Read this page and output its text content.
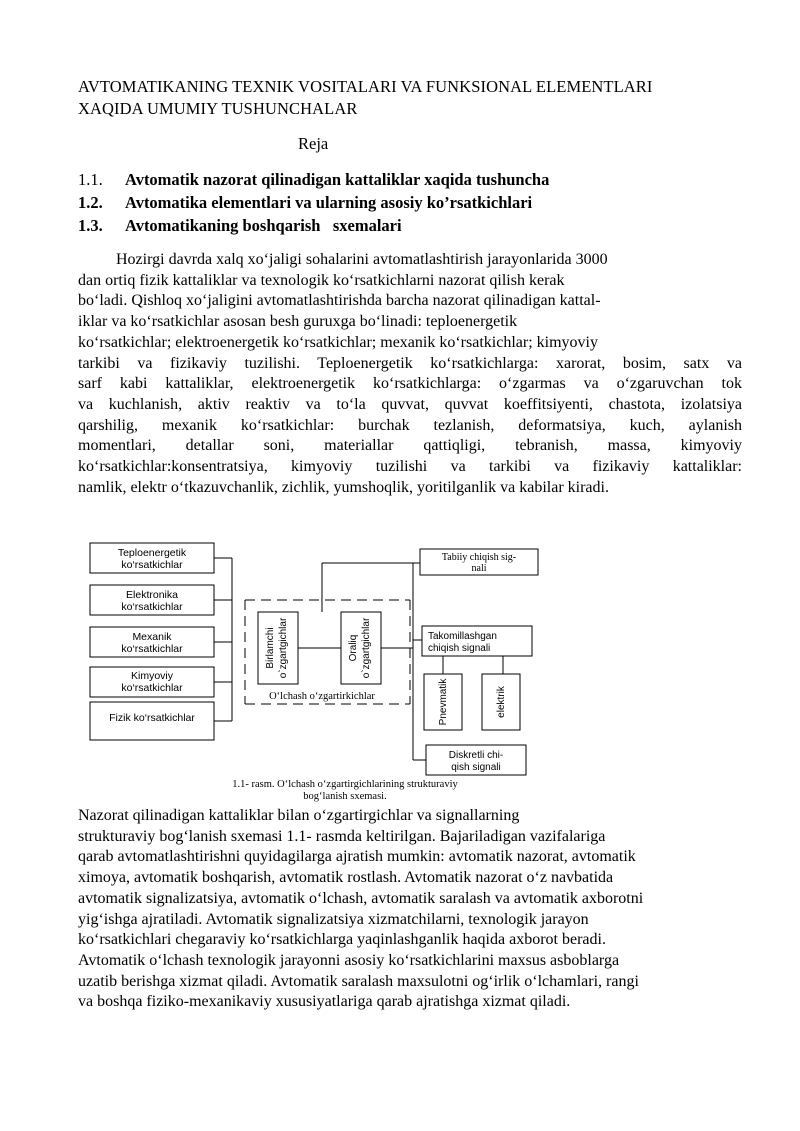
AVTOMATIKANING TEXNIK VOSITALARI VA FUNKSIONAL ELEMENTLARI
XAQIDA UMUMIY TUSHUNCHALAR
Reja
1.1. Avtomatik nazorat qilinadigan kattaliklar xaqida tushuncha
1.2. Avtomatika elementlari va ularning asosiy ko’rsatkichlari
1.3. Avtomatikaning boshqarish   sxemalari
Hozirgi davrda xalq xo‘jaligi sohalarini avtomatlashtirish jarayonlarida 3000
dan ortiq fizik kattaliklar va texnologik ko‘rsatkichlarni nazorat qilish kerak
bo‘ladi. Qishloq xo‘jaligini avtomatlashtirishda barcha nazorat qilinadigan kattal-
iklar va ko‘rsatkichlar asosan besh guruxga bo‘linadi: teploenergetik
ko‘rsatkichlar; elektroenergetik ko‘rsatkichlar; mexanik ko‘rsatkichlar; kimyoviy
tarkibi va fizikaviy tuzilishi. Teploenergetik ko‘rsatkichlarga: xarorat, bosim, satx va
sarf kabi kattaliklar, elektroenergetik ko‘rsatkichlarga: o‘zgarmas va o‘zgaruvchan tok
va kuchlanish, aktiv reaktiv va to‘la quvvat, quvvat koeffitsiyenti, chastota, izolatsiya
qarshilig, mexanik ko‘rsatkichlar: burchak tezlanish, deformatsiya, kuch, aylanish
momentlari, detallar soni, materiallar qattiqligi, tebranish, massa, kimyoviy
ko‘rsatkichlar:konsentratsiya, kimyoviy tuzilishi va tarkibi va fizikaviy kattaliklar:
namlik, elektr o‘tkazuvchanlik, zichlik, yumshoqlik, yoritilganlik va kabilar kiradi.
Teploenergetik
ko‘rsatkichlar
Elektronika
ko‘rsatkichlar
Mexanik
ko‘rsatkichlar
Kimyoviy
ko‘rsatkichlar
Fizik ko‘rsatkichlar
Birlamchi o`zgartgichlar	Oraliq o`zgartgichlar
Pnevmatik	elektrik
O‘lchash o‘zgartirkichlar
Tabiiy chiqish sig-
nali
Takomillashgan
chiqish signali
Diskretli chi-
qish signali
1.1- rasm. O‘lchash o‘zgartirgichlarining strukturaviy
bog‘lanish sxemasi.
Nazorat qilinadigan kattaliklar bilan o‘zgartirgichlar va signallarning
strukturaviy bog‘lanish sxemasi 1.1- rasmda keltirilgan. Bajariladigan vazifalariga
qarab avtomatlashtirishni quyidagilarga ajratish mumkin: avtomatik nazorat, avtomatik
ximoya, avtomatik boshqarish, avtomatik rostlash. Avtomatik nazorat o‘z navbatida
avtomatik signalizatsiya, avtomatik o‘lchash, avtomatik saralash va avtomatik axborotni
yig‘ishga ajratiladi. Avtomatik signalizatsiya xizmatchilarni, texnologik jarayon
ko‘rsatkichlari chegaraviy ko‘rsatkichlarga yaqinlashganlik haqida axborot beradi.
Avtomatik o‘lchash texnologik jarayonni asosiy ko‘rsatkichlarini maxsus asboblarga
uzatib berishga xizmat qiladi. Avtomatik saralash maxsulotni og‘irlik o‘lchamlari, rangi
va boshqa fiziko-mexanikaviy xususiyatlariga qarab ajratishga xizmat qiladi.
